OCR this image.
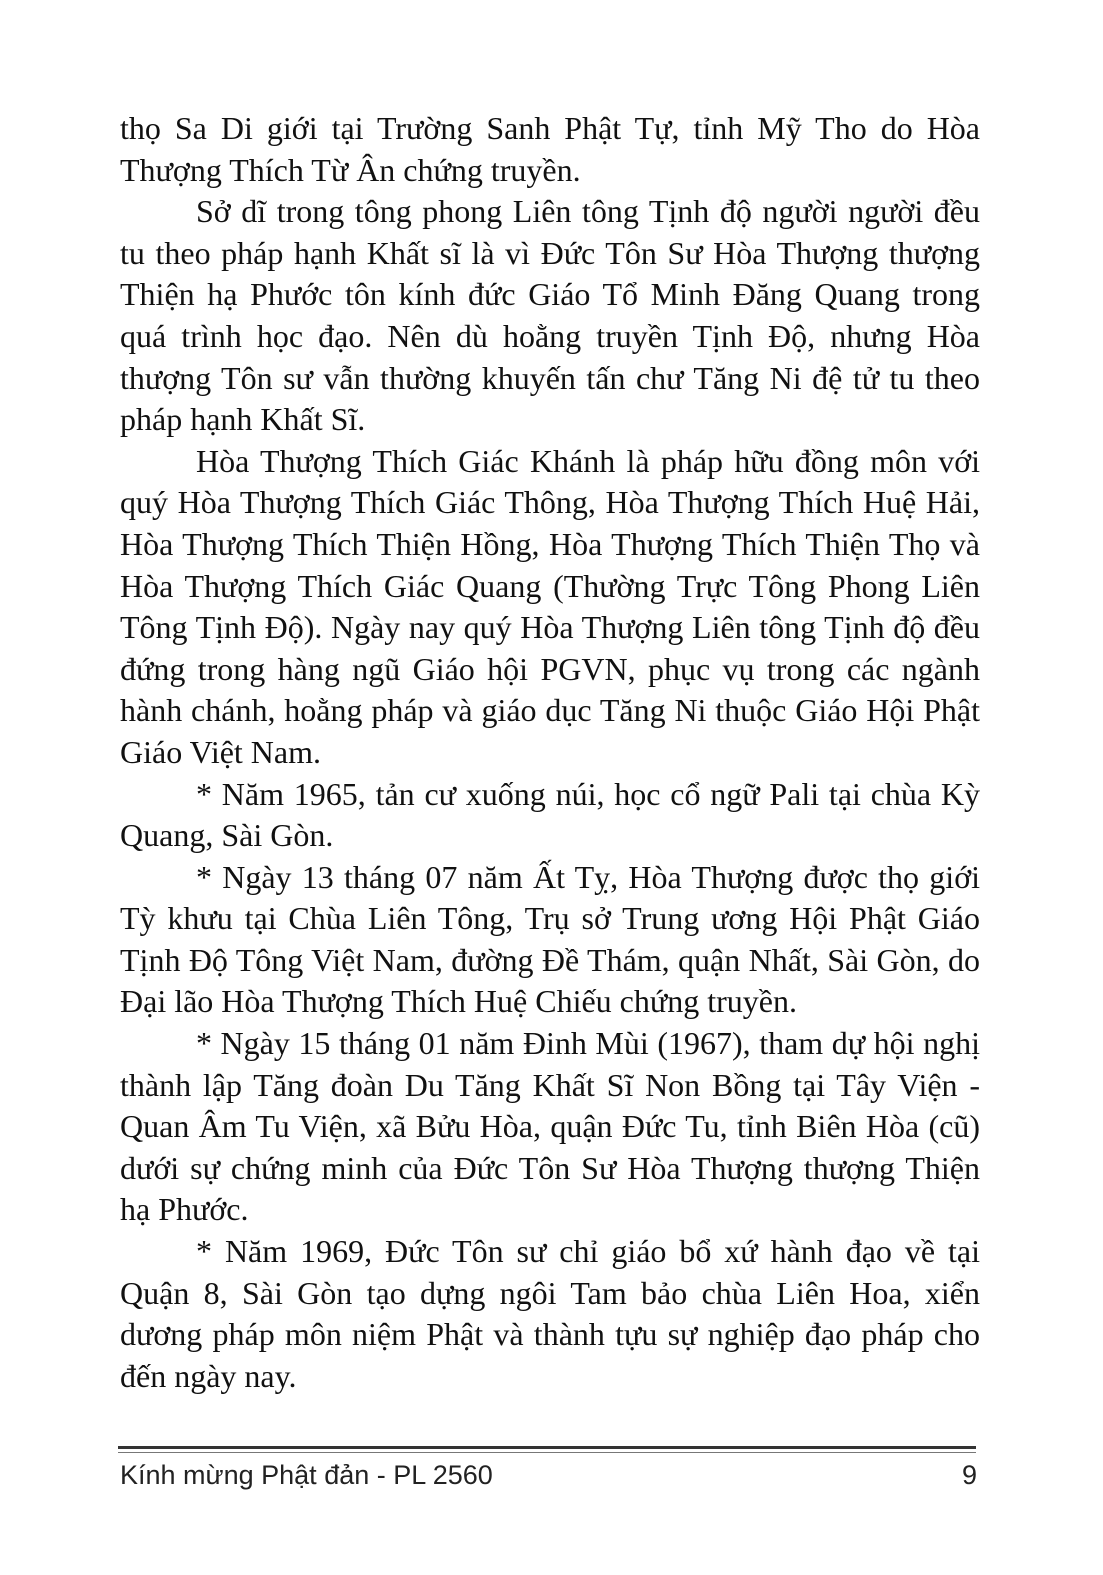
thọ Sa Di giới tại Trường Sanh Phật Tự, tỉnh Mỹ Tho do Hòa Thượng Thích Từ Ân chứng truyền.

Sở dĩ trong tông phong Liên tông Tịnh độ người người đều tu theo pháp hạnh Khất sĩ là vì Đức Tôn Sư Hòa Thượng thượng Thiện hạ Phước tôn kính đức Giáo Tổ Minh Đăng Quang trong quá trình học đạo. Nên dù hoằng truyền Tịnh Độ, nhưng Hòa thượng Tôn sư vẫn thường khuyến tấn chư Tăng Ni đệ tử tu theo pháp hạnh Khất Sĩ.

Hòa Thượng Thích Giác Khánh là pháp hữu đồng môn với quý Hòa Thượng Thích Giác Thông, Hòa Thượng Thích Huệ Hải, Hòa Thượng Thích Thiện Hồng, Hòa Thượng Thích Thiện Thọ và Hòa Thượng Thích Giác Quang (Thường Trực Tông Phong Liên Tông Tịnh Độ). Ngày nay quý Hòa Thượng Liên tông Tịnh độ đều đứng trong hàng ngũ Giáo hội PGVN, phục vụ trong các ngành hành chánh, hoằng pháp và giáo dục Tăng Ni thuộc Giáo Hội Phật Giáo Việt Nam.

* Năm 1965, tản cư xuống núi, học cổ ngữ Pali tại chùa Kỳ Quang, Sài Gòn.

* Ngày 13 tháng 07 năm Ất Tỵ, Hòa Thượng được thọ giới Tỳ khưu tại Chùa Liên Tông, Trụ sở Trung ương Hội Phật Giáo Tịnh Độ Tông Việt Nam, đường Đề Thám, quận Nhất, Sài Gòn, do Đại lão Hòa Thượng Thích Huệ Chiếu chứng truyền.

* Ngày 15 tháng 01 năm Đinh Mùi (1967), tham dự hội nghị thành lập Tăng đoàn Du Tăng Khất Sĩ Non Bồng tại Tây Viện - Quan Âm Tu Viện, xã Bửu Hòa, quận Đức Tu, tỉnh Biên Hòa (cũ) dưới sự chứng minh của Đức Tôn Sư Hòa Thượng thượng Thiện hạ Phước.

* Năm 1969, Đức Tôn sư chỉ giáo bổ xứ hành đạo về tại Quận 8, Sài Gòn tạo dựng ngôi Tam bảo chùa Liên Hoa, xiển dương pháp môn niệm Phật và thành tựu sự nghiệp đạo pháp cho đến ngày nay.

Kính mừng Phật đản - PL 2560	9
